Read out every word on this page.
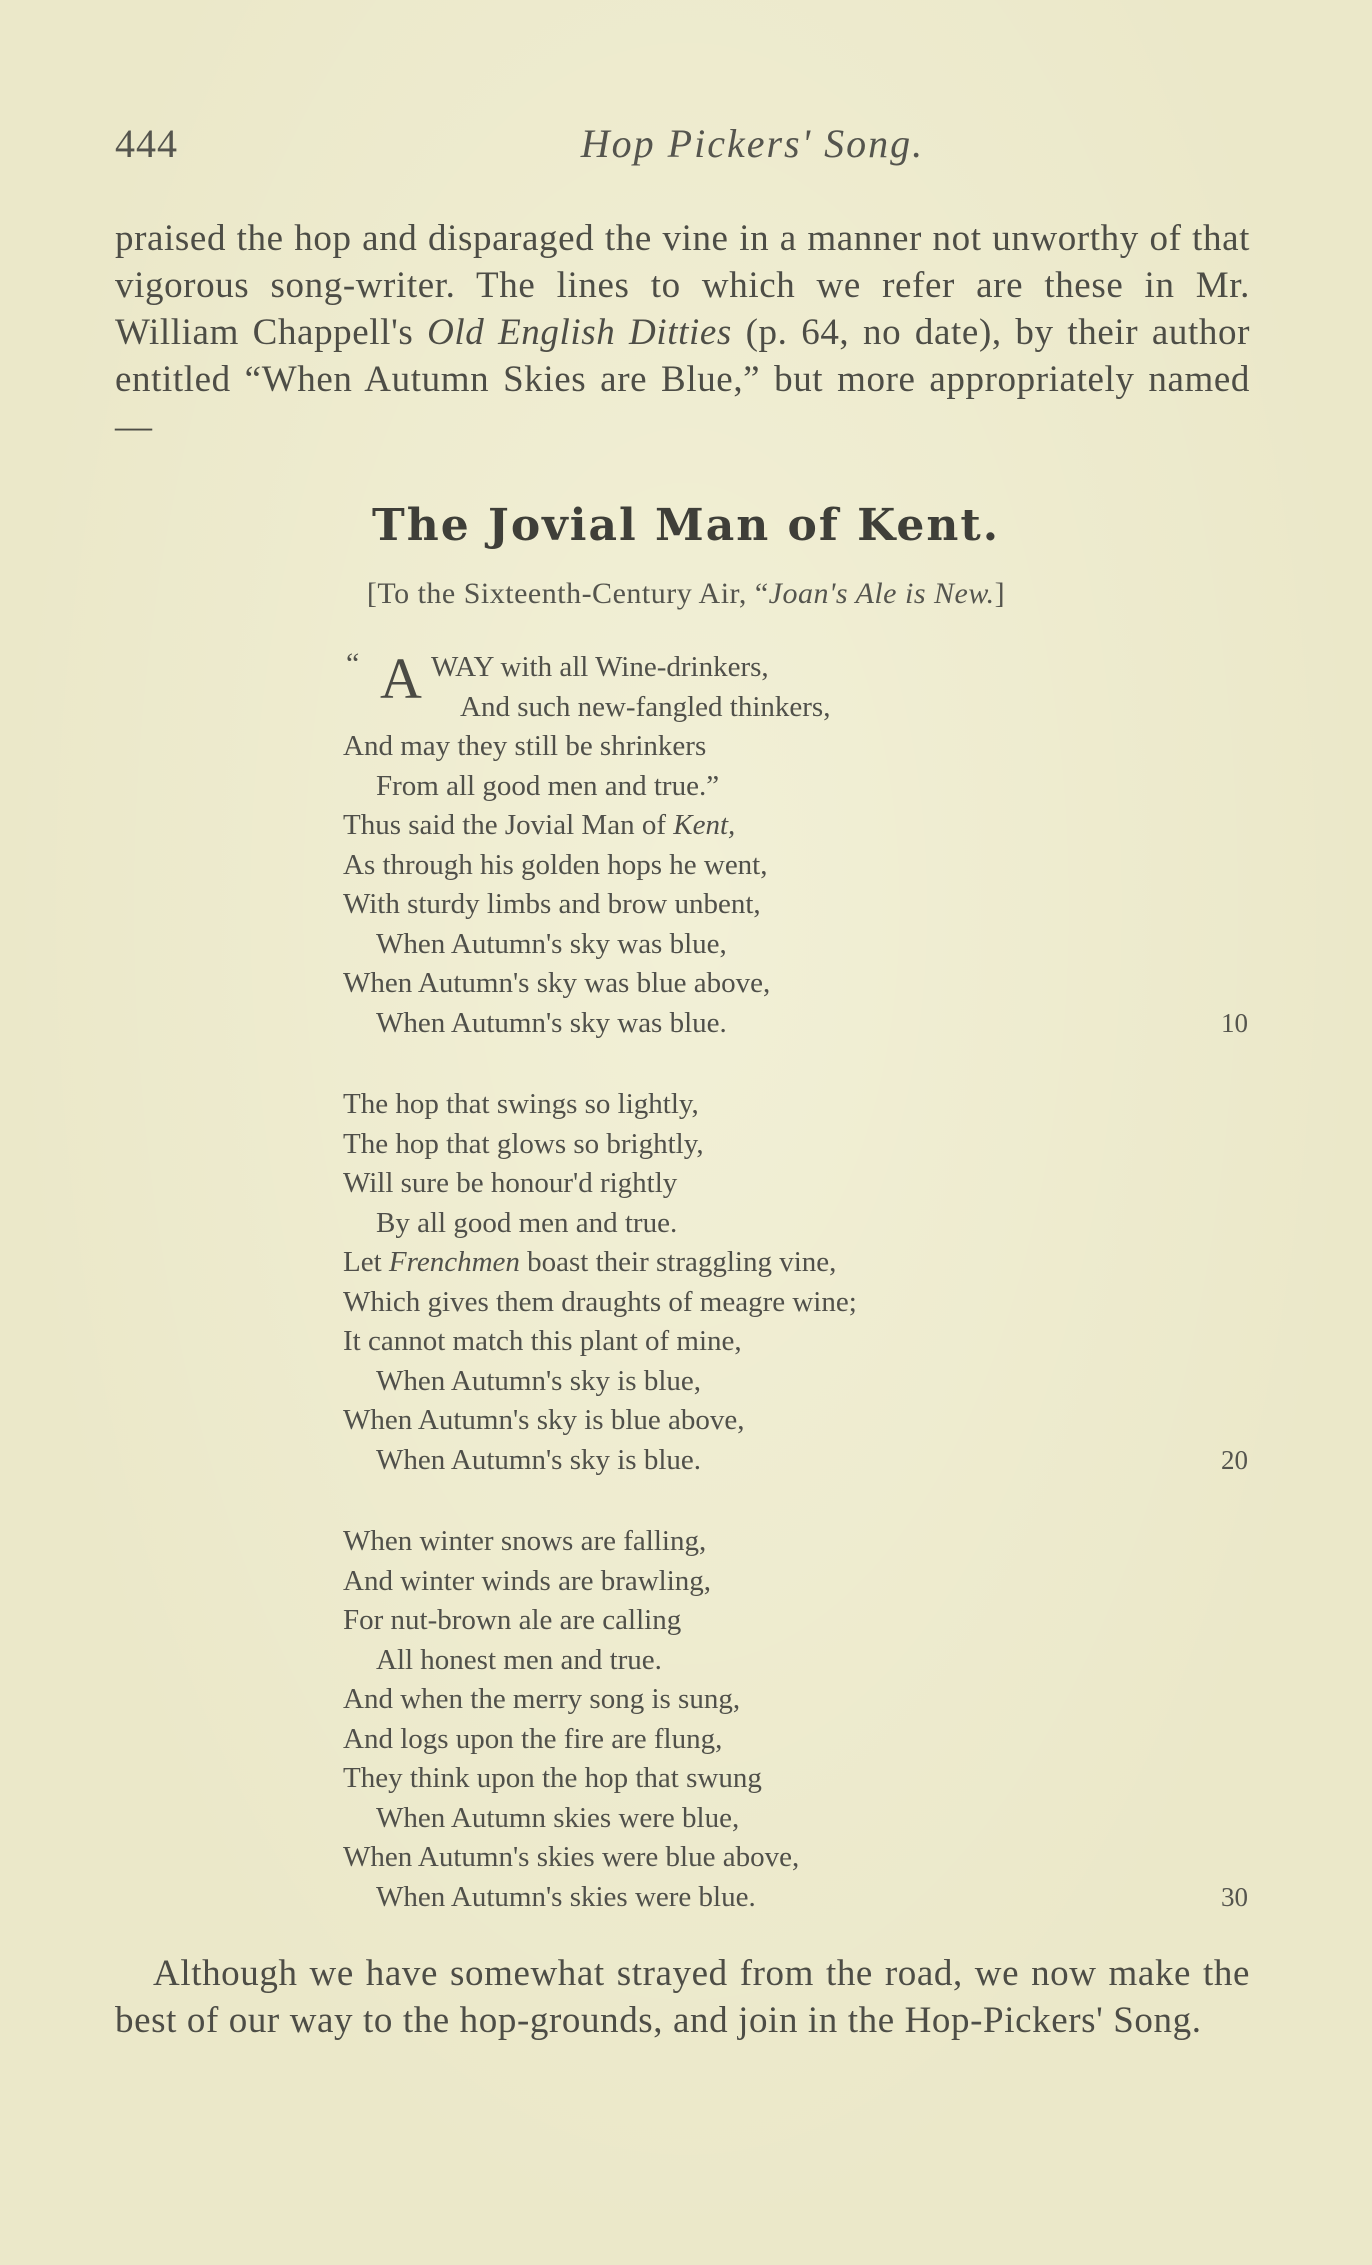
444	Hop Pickers' Song.
praised the hop and disparaged the vine in a manner not unworthy of that vigorous song-writer. The lines to which we refer are these in Mr. William Chappell's Old English Ditties (p. 64, no date), by their author entitled “When Autumn Skies are Blue,” but more appropriately named —
The Jovial Man of Kent.
[To the Sixteenth-Century Air, “Joan's Ale is New.]
“ A WAY with all Wine-drinkers,
And such new-fangled thinkers,
And may they still be shrinkers
From all good men and true.”
Thus said the Jovial Man of Kent,
As through his golden hops he went,
With sturdy limbs and brow unbent,
When Autumn's sky was blue,
When Autumn's sky was blue above,
When Autumn's sky was blue.	10
The hop that swings so lightly,
The hop that glows so brightly,
Will sure be honour'd rightly
By all good men and true.
Let Frenchmen boast their straggling vine,
Which gives them draughts of meagre wine;
It cannot match this plant of mine,
When Autumn's sky is blue,
When Autumn's sky is blue above,
When Autumn's sky is blue.	20
When winter snows are falling,
And winter winds are brawling,
For nut-brown ale are calling
All honest men and true.
And when the merry song is sung,
And logs upon the fire are flung,
They think upon the hop that swung
When Autumn skies were blue,
When Autumn's skies were blue above,
When Autumn's skies were blue.	30
Although we have somewhat strayed from the road, we now make the best of our way to the hop-grounds, and join in the Hop-Pickers' Song.
